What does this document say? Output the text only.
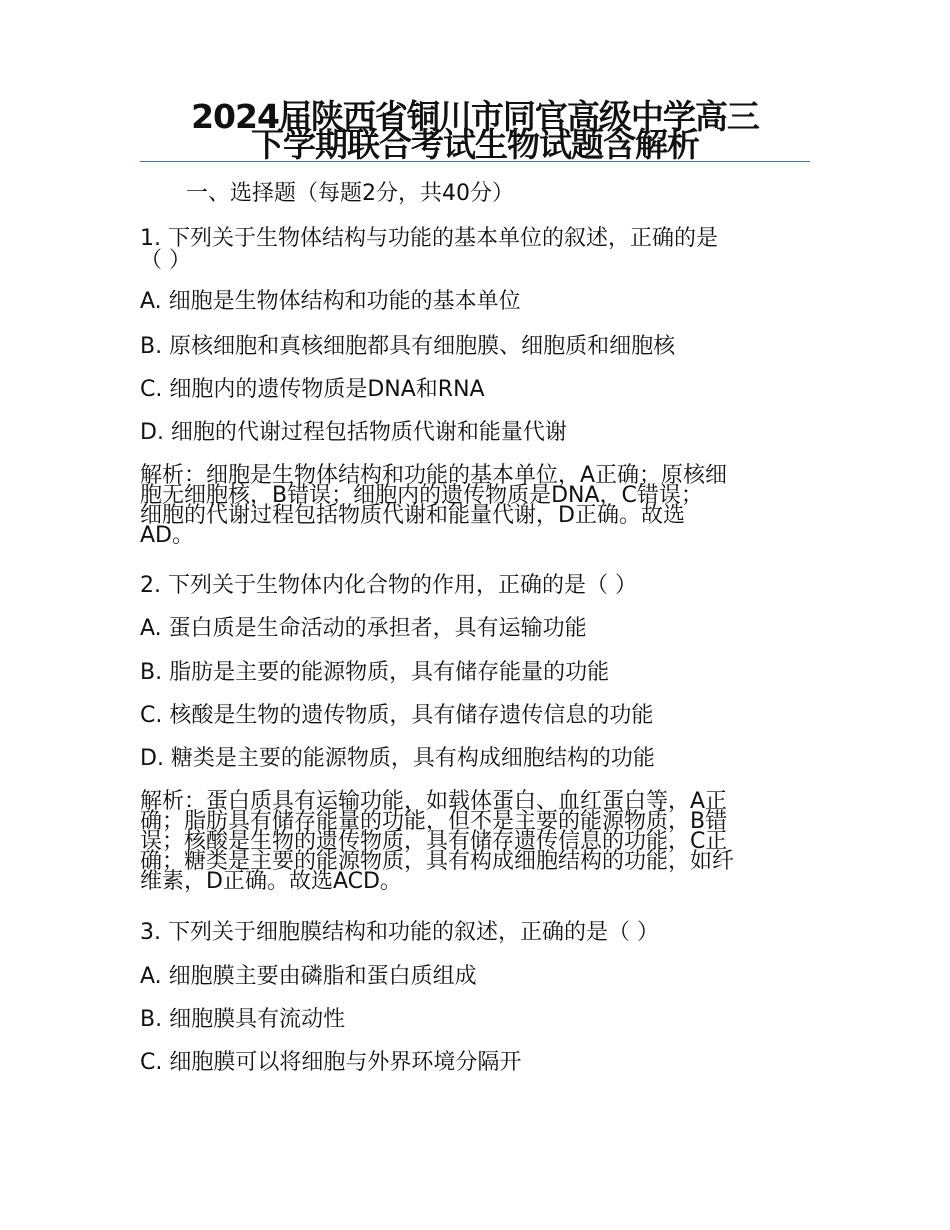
2024届陕西省铜川市同官高级中学高三
下学期联合考试生物试题含解析
一、选择题（每题2分，共40分）
1. 下列关于生物体结构与功能的基本单位的叙述，正确的是
（ ）
A. 细胞是生物体结构和功能的基本单位
B. 原核细胞和真核细胞都具有细胞膜、细胞质和细胞核
C. 细胞内的遗传物质是DNA和RNA
D. 细胞的代谢过程包括物质代谢和能量代谢
解析：细胞是生物体结构和功能的基本单位，A正确；原核细
胞无细胞核，B错误；细胞内的遗传物质是DNA，C错误；
细胞的代谢过程包括物质代谢和能量代谢，D正确。故选
AD。
2. 下列关于生物体内化合物的作用，正确的是（ ）
A. 蛋白质是生命活动的承担者，具有运输功能
B. 脂肪是主要的能源物质，具有储存能量的功能
C. 核酸是生物的遗传物质，具有储存遗传信息的功能
D. 糖类是主要的能源物质，具有构成细胞结构的功能
解析：蛋白质具有运输功能，如载体蛋白、血红蛋白等，A正
确；脂肪具有储存能量的功能，但不是主要的能源物质，B错
误；核酸是生物的遗传物质，具有储存遗传信息的功能，C正
确；糖类是主要的能源物质，具有构成细胞结构的功能，如纤
维素，D正确。故选ACD。
3. 下列关于细胞膜结构和功能的叙述，正确的是（ ）
A. 细胞膜主要由磷脂和蛋白质组成
B. 细胞膜具有流动性
C. 细胞膜可以将细胞与外界环境分隔开
